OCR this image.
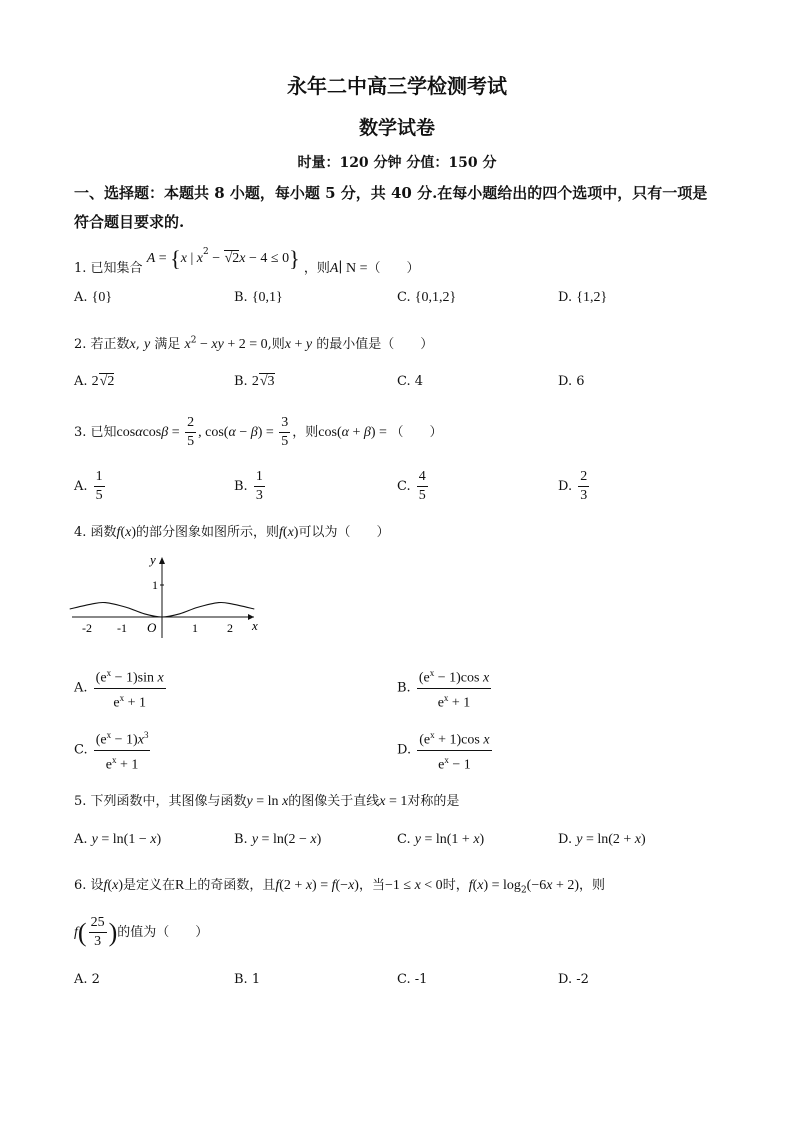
永年二中高三学检测考试
数学试卷
时量：120 分钟 分值：150 分
一、选择题：本题共 8 小题，每小题 5 分，共 40 分.在每小题给出的四个选项中，只有一项是
符合题目要求的.
1. 已知集合 A = {x | $x^2 - √2x - 4 \le 0$} ，则A∣ N =（　　）
A. {0}	B. {0,1}	C. {0,1,2}	D. {1,2}
2. 若正数x, y 满足 $x^2$ − xy + 2 = 0,则x + y 的最小值是（　　）
A. 2√2	B. 2√3	C. 4	D. 6
3. 已知$\cos\alpha\cos\beta = \frac{2}{5}$ , $\cos(\alpha - \beta) = \frac{3}{5}$ ，则cos(α + β) = （　　）
A. $\frac{1}{5}$	B. $\frac{1}{3}$	C. $\frac{4}{5}$	D. $\frac{2}{3}$
4. 函数f(x)的部分图象如图所示，则f(x)可以为（　　）
y
x
O
1
-2 -1	1 2
A. $\frac{(e^x - 1)\sin x}{e^x + 1}$	B. $\frac{(e^x - 1)\cos x}{e^x + 1}$
C. $\frac{(e^x - 1)x^3}{e^x + 1}$	D. $\frac{(e^x + 1)\cos x}{e^x - 1}$
5. 下列函数中，其图像与函数y = ln x的图像关于直线x = 1对称的是
A. y = ln(1 − x)	B. y = ln(2 − x)	C. y = ln(1 + x)	D. y = ln(2 + x)
6. 设f(x)是定义在R上的奇函数，且f(2 + x) = f(−x)，当−1 ≤ x < 0时，$f(x) = \log_2(-6x + 2)$，则
$f( \frac{25}{3}$ )的值为（　　）
A. 2	B. 1	C. -1	D. -2
